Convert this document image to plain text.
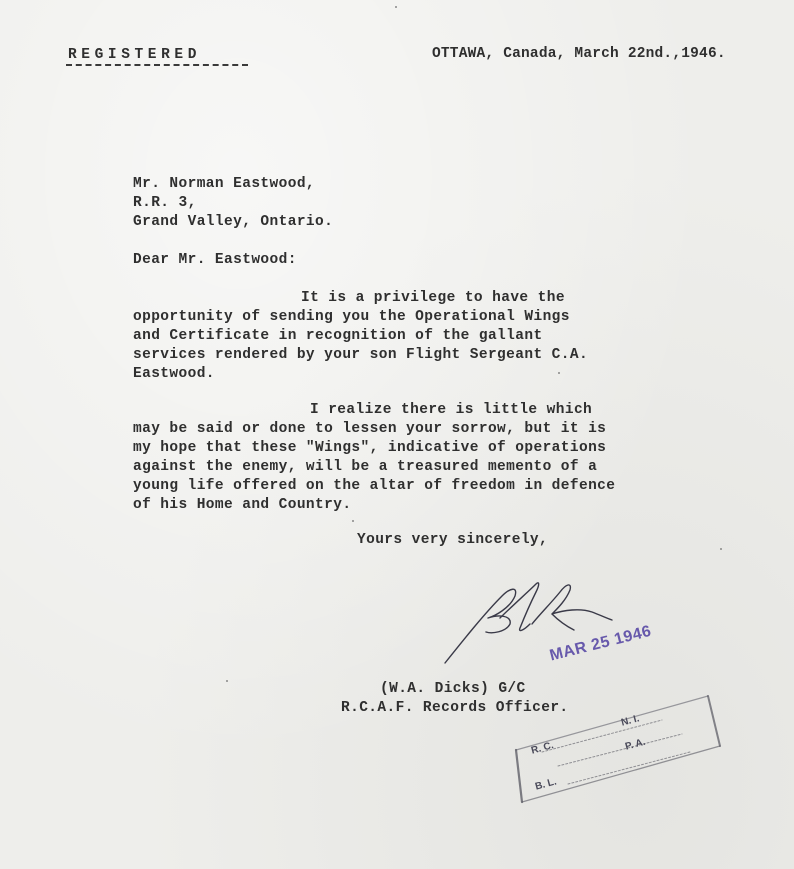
REGISTERED	OTTAWA, Canada, March 22nd.,1946.
Mr. Norman Eastwood,
R.R. 3,
Grand Valley, Ontario.
Dear Mr. Eastwood:
It is a privilege to have the
opportunity of sending you the Operational Wings
and Certificate in recognition of the gallant
services rendered by your son Flight Sergeant C.A.
Eastwood.
I realize there is little which
may be said or done to lessen your sorrow, but it is
my hope that these "Wings", indicative of operations
against the enemy, will be a treasured memento of a
young life offered on the altar of freedom in defence
of his Home and Country.
Yours very sincerely,
(W.A. Dicks) G/C
R.C.A.F. Records Officer.
MAR 25 1946
R. C.
N. I.
P. A.
B. L.
